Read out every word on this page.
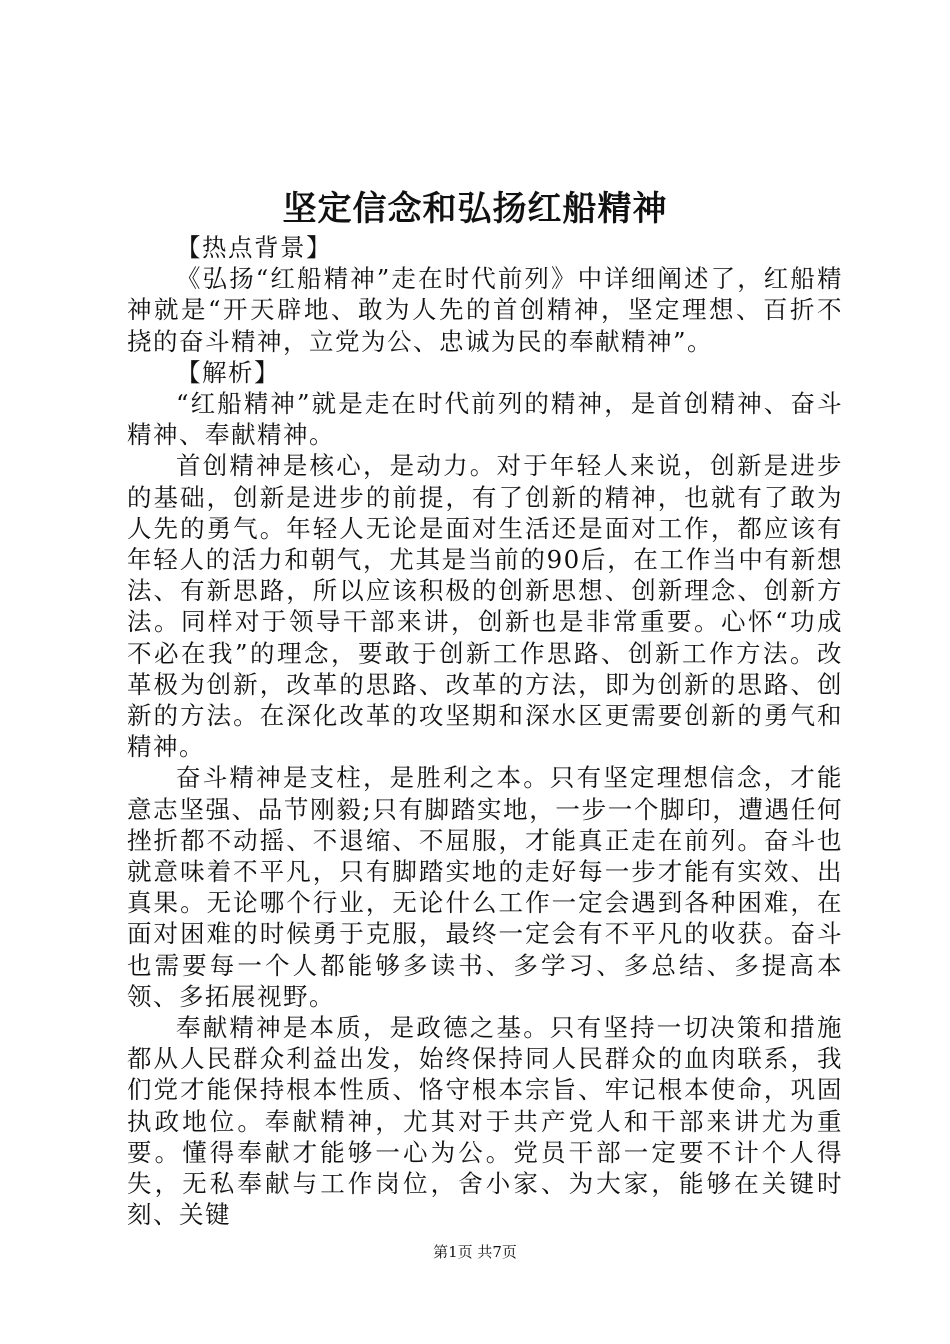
坚定信念和弘扬红船精神

【热点背景】

《弘扬“红船精神”走在时代前列》中详细阐述了，红船精神就是“开天辟地、敢为人先的首创精神，坚定理想、百折不挠的奋斗精神，立党为公、忠诚为民的奉献精神”。

【解析】

“红船精神”就是走在时代前列的精神，是首创精神、奋斗精神、奉献精神。

首创精神是核心，是动力。对于年轻人来说，创新是进步的基础，创新是进步的前提，有了创新的精神，也就有了敢为人先的勇气。年轻人无论是面对生活还是面对工作，都应该有年轻人的活力和朝气，尤其是当前的90后，在工作当中有新想法、有新思路，所以应该积极的创新思想、创新理念、创新方法。同样对于领导干部来讲，创新也是非常重要。心怀“功成不必在我”的理念，要敢于创新工作思路、创新工作方法。改革极为创新，改革的思路、改革的方法，即为创新的思路、创新的方法。在深化改革的攻坚期和深水区更需要创新的勇气和精神。

奋斗精神是支柱，是胜利之本。只有坚定理想信念，才能意志坚强、品节刚毅;只有脚踏实地，一步一个脚印，遭遇任何挫折都不动摇、不退缩、不屈服，才能真正走在前列。奋斗也就意味着不平凡，只有脚踏实地的走好每一步才能有实效、出真果。无论哪个行业，无论什么工作一定会遇到各种困难，在面对困难的时候勇于克服，最终一定会有不平凡的收获。奋斗也需要每一个人都能够多读书、多学习、多总结、多提高本领、多拓展视野。

奉献精神是本质，是政德之基。只有坚持一切决策和措施都从人民群众利益出发，始终保持同人民群众的血肉联系，我们党才能保持根本性质、恪守根本宗旨、牢记根本使命，巩固执政地位。奉献精神，尤其对于共产党人和干部来讲尤为重要。懂得奉献才能够一心为公。党员干部一定要不计个人得失，无私奉献与工作岗位，舍小家、为大家，能够在关键时刻、关键

第1页 共7页
